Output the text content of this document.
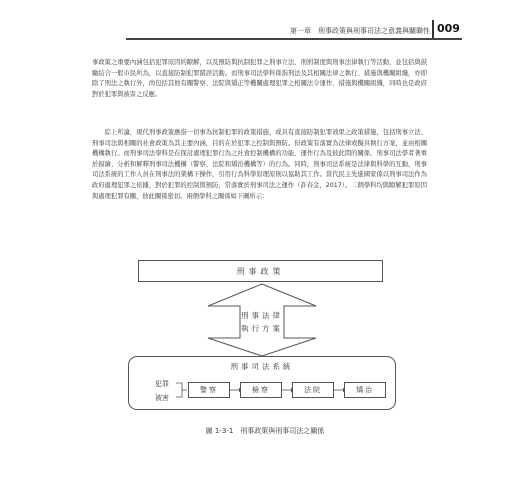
第一章　刑事政策與刑事司法之意義與關聯性 009
事政策之重要內涵包括犯罪原因的瞭解，以及預防與抗制犯罪之刑事立法、刑罰制度與刑事法律執行等活動，並包括與鼓勵結合一般市民所為，以直接防制犯罪錯誤活動。而刑事司法學科係指刑法及其相關法律之執行、措施與機關組織，亦即除了刑法之執行外，尚包括其他有關警察、法院與矯正等機關處理犯罪之相關法令運作、措施與機關組織，同時也是政府對於犯罪與被害之反應。
綜上所論，現代刑事政策應指一切事為抗制犯罪的政策措施，或具有直接防制犯罪效果之政策措施，包括刑事立法、刑事司法與相關的社會政策為其主要內涵，目的在於犯罪之控制與預防。但政策有落實為法律或擬具執行方案，並由相關機構執行。而刑事司法學科是在探討處理犯罪行為之社會控制機構的功能、運作行為及彼此間的關係，刑事司法學者著重於描繪、分析和解釋刑事司法機構（警察、法院和矯治機構等）的行為。同時，刑事司法系統是法律與科學的互動，刑事司法系統的工作人員在刑事法的架構下操作，引用行為科學原理原則以協助其工作。當代民主先進國家係以刑事司法作為政府處理犯罪之依據，對於犯罪的控制與預防，常落實於刑事司法之運作（許春金，2017）。二個學科均與瞭解犯罪原因與處理犯罪有關，彼此關係密切。兩個學科之關係如下圖所示：
刑事政策
刑事法律
執行方案
刑事司法系統
犯罪
被害
警察	檢察	法院	矯治
圖 1-3-1　刑事政策與刑事司法之關係
